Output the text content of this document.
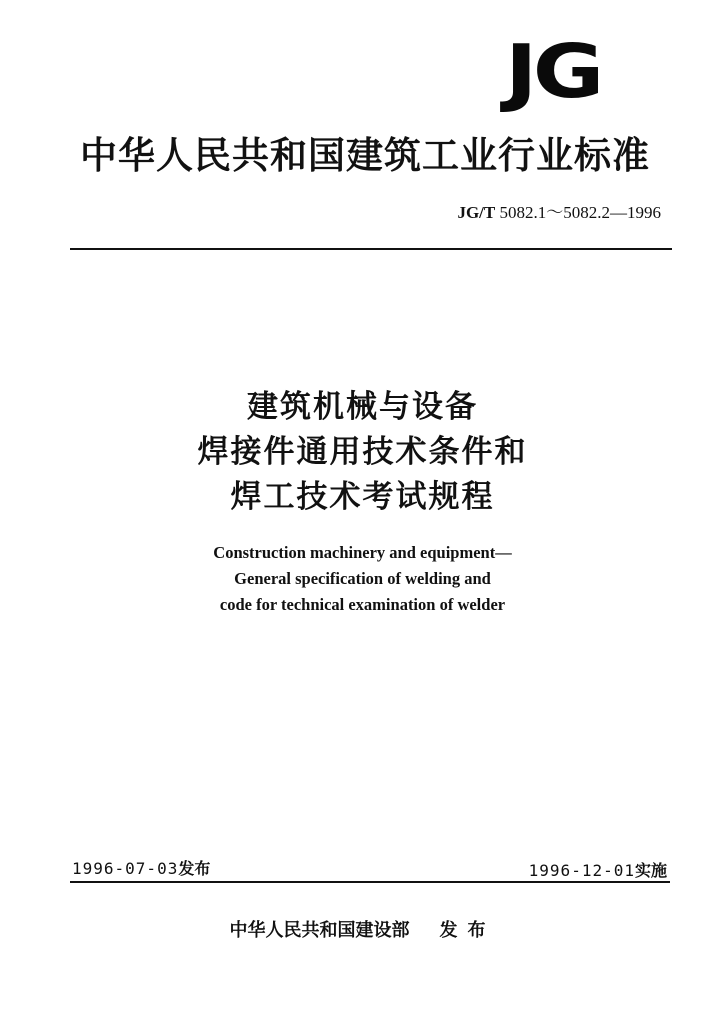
JG
中华人民共和国建筑工业行业标准
JG/T 5082.1～5082.2—1996
建筑机械与设备
焊接件通用技术条件和
焊工技术考试规程
Construction machinery and equipment—
General specification of welding and
code for technical examination of welder
1996-07-03发布	1996-12-01实施
中华人民共和国建设部 发布
